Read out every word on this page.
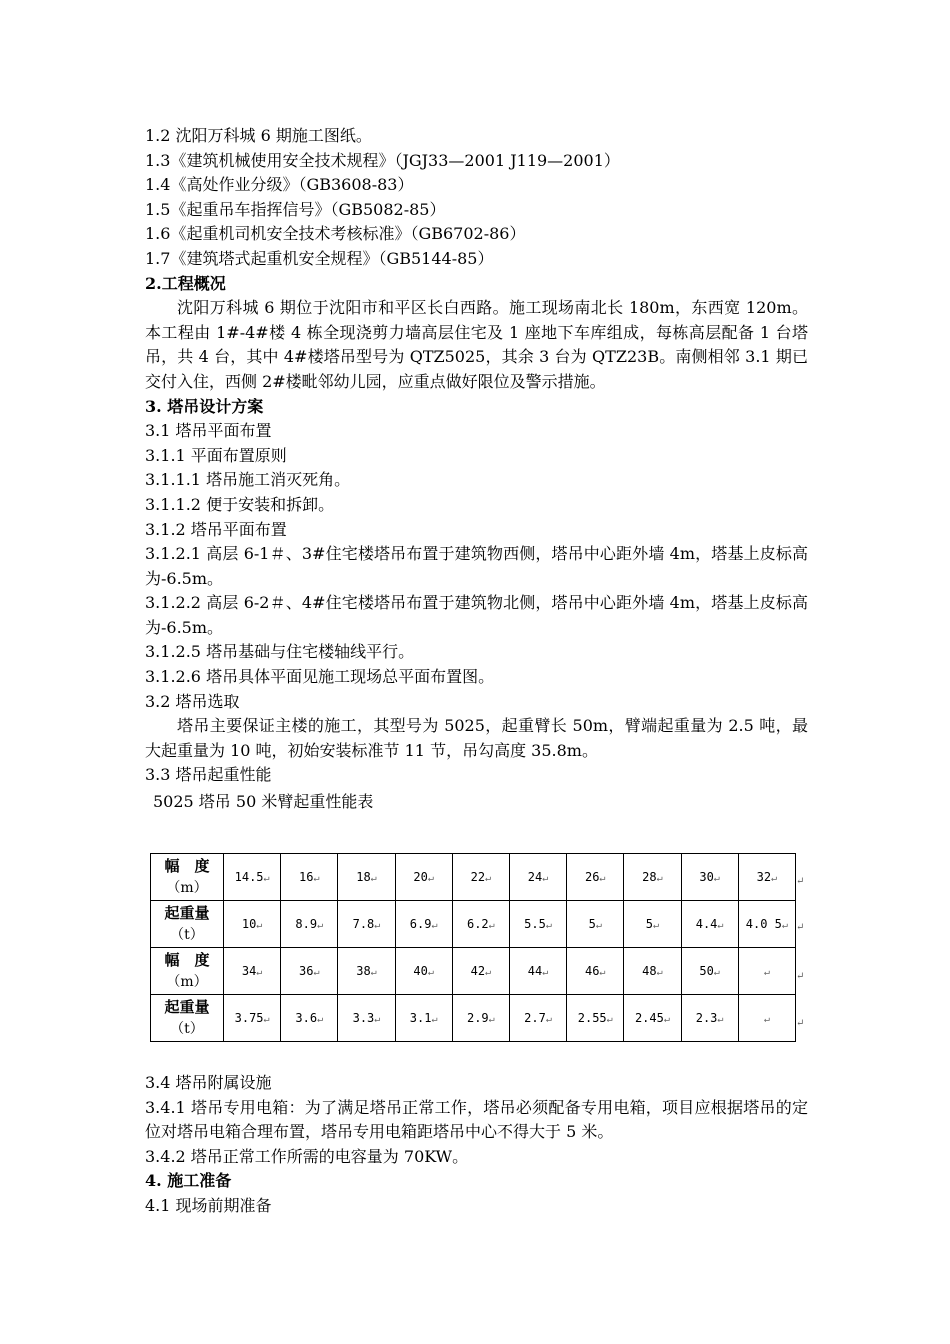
1.2 沈阳万科城 6 期施工图纸。
1.3《建筑机械使用安全技术规程》（JGJ33—2001 J119—2001）
1.4《高处作业分级》（GB3608-83）
1.5《起重吊车指挥信号》（GB5082-85）
1.6《起重机司机安全技术考核标准》（GB6702-86）
1.7《建筑塔式起重机安全规程》（GB5144-85）
2.工程概况
沈阳万科城 6 期位于沈阳市和平区长白西路。施工现场南北长 180m，东西宽 120m。本工程由 1#-4#楼 4 栋全现浇剪力墙高层住宅及 1 座地下车库组成，每栋高层配备 1 台塔吊，共 4 台，其中 4#楼塔吊型号为 QTZ5025，其余 3 台为 QTZ23B。南侧相邻 3.1 期已交付入住，西侧 2#楼毗邻幼儿园，应重点做好限位及警示措施。
3. 塔吊设计方案
3.1 塔吊平面布置
3.1.1 平面布置原则
3.1.1.1 塔吊施工消灭死角。
3.1.1.2 便于安装和拆卸。
3.1.2 塔吊平面布置
3.1.2.1 高层 6-1＃、3#住宅楼塔吊布置于建筑物西侧，塔吊中心距外墙 4m，塔基上皮标高为-6.5m。
3.1.2.2 高层 6-2＃、4#住宅楼塔吊布置于建筑物北侧，塔吊中心距外墙 4m，塔基上皮标高为-6.5m。
3.1.2.5 塔吊基础与住宅楼轴线平行。
3.1.2.6 塔吊具体平面见施工现场总平面布置图。
3.2 塔吊选取
塔吊主要保证主楼的施工，其型号为 5025，起重臂长 50m，臂端起重量为 2.5 吨，最大起重量为 10 吨，初始安装标准节 11 节，吊勾高度 35.8m。
3.3 塔吊起重性能
5025 塔吊 50 米臂起重性能表
幅　度
（m）	14.5↵	16↵	18↵	20↵	22↵	24↵	26↵	28↵	30↵	32↵

起重量
（t）	10↵	8.9↵	7.8↵	6.9↵	6.2↵	5.5↵	5↵	5↵	4.4↵	4.0 5↵

幅　度
（m）	34↵	36↵	38↵	40↵	42↵	44↵	46↵	48↵	50↵	↵

起重量
（t）	3.75↵	3.6↵	3.3↵	3.1↵	2.9↵	2.7↵	2.55↵	2.45↵	2.3↵	↵
↵
↵
↵
↵
3.4 塔吊附属设施
3.4.1 塔吊专用电箱：为了满足塔吊正常工作，塔吊必须配备专用电箱，项目应根据塔吊的定位对塔吊电箱合理布置，塔吊专用电箱距塔吊中心不得大于 5 米。
3.4.2 塔吊正常工作所需的电容量为 70KW。
4. 施工准备
4.1 现场前期准备
